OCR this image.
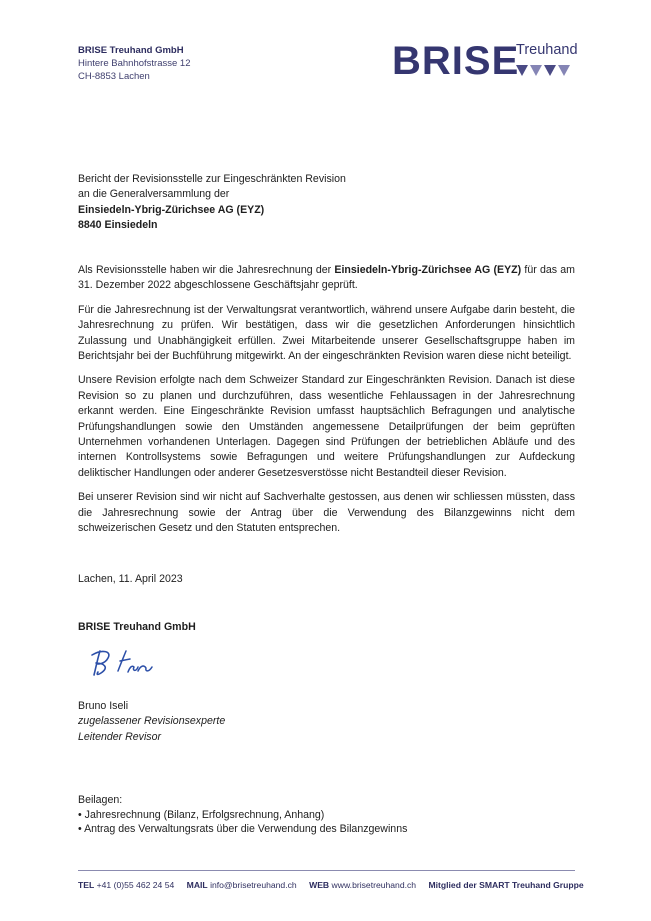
BRISE Treuhand GmbH
Hintere Bahnhofstrasse 12
CH-8853 Lachen	BRISE
Treuhand
Bericht der Revisionsstelle zur Eingeschränkten Revision
an die Generalversammlung der
Einsiedeln-Ybrig-Zürichsee AG (EYZ)
8840 Einsiedeln

Als Revisionsstelle haben wir die Jahresrechnung der Einsiedeln-Ybrig-Zürichsee AG (EYZ) für das am 31. Dezember 2022 abgeschlossene Geschäftsjahr geprüft.

Für die Jahresrechnung ist der Verwaltungsrat verantwortlich, während unsere Aufgabe darin besteht, die Jahresrechnung zu prüfen. Wir bestätigen, dass wir die gesetzlichen Anforderungen hinsichtlich Zulassung und Unabhängigkeit erfüllen. Zwei Mitarbeitende unserer Gesellschaftsgruppe haben im Berichtsjahr bei der Buchführung mitgewirkt. An der eingeschränkten Revision waren diese nicht beteiligt.

Unsere Revision erfolgte nach dem Schweizer Standard zur Eingeschränkten Revision. Danach ist diese Revision so zu planen und durchzuführen, dass wesentliche Fehlaussagen in der Jahresrechnung erkannt werden. Eine Eingeschränkte Revision umfasst hauptsächlich Befragungen und analytische Prüfungshandlungen sowie den Umständen angemessene Detailprüfungen der beim geprüften Unternehmen vorhandenen Unterlagen. Dagegen sind Prüfungen der betrieblichen Abläufe und des internen Kontrollsystems sowie Befragungen und weitere Prüfungshandlungen zur Aufdeckung deliktischer Handlungen oder anderer Gesetzesverstösse nicht Bestandteil dieser Revision.

Bei unserer Revision sind wir nicht auf Sachverhalte gestossen, aus denen wir schliessen müssten, dass die Jahresrechnung sowie der Antrag über die Verwendung des Bilanzgewinns nicht dem schweizerischen Gesetz und den Statuten entsprechen.

Lachen, 11. April 2023
BRISE Treuhand GmbH
Bruno Iseli
zugelassener Revisionsexperte
Leitender Revisor
Beilagen:
• Jahresrechnung (Bilanz, Erfolgsrechnung, Anhang)
• Antrag des Verwaltungsrats über die Verwendung des Bilanzgewinns
TEL +41 (0)55 462 24 54 MAIL info@brisetreuhand.ch WEB www.brisetreuhand.ch Mitglied der SMART Treuhand Gruppe
